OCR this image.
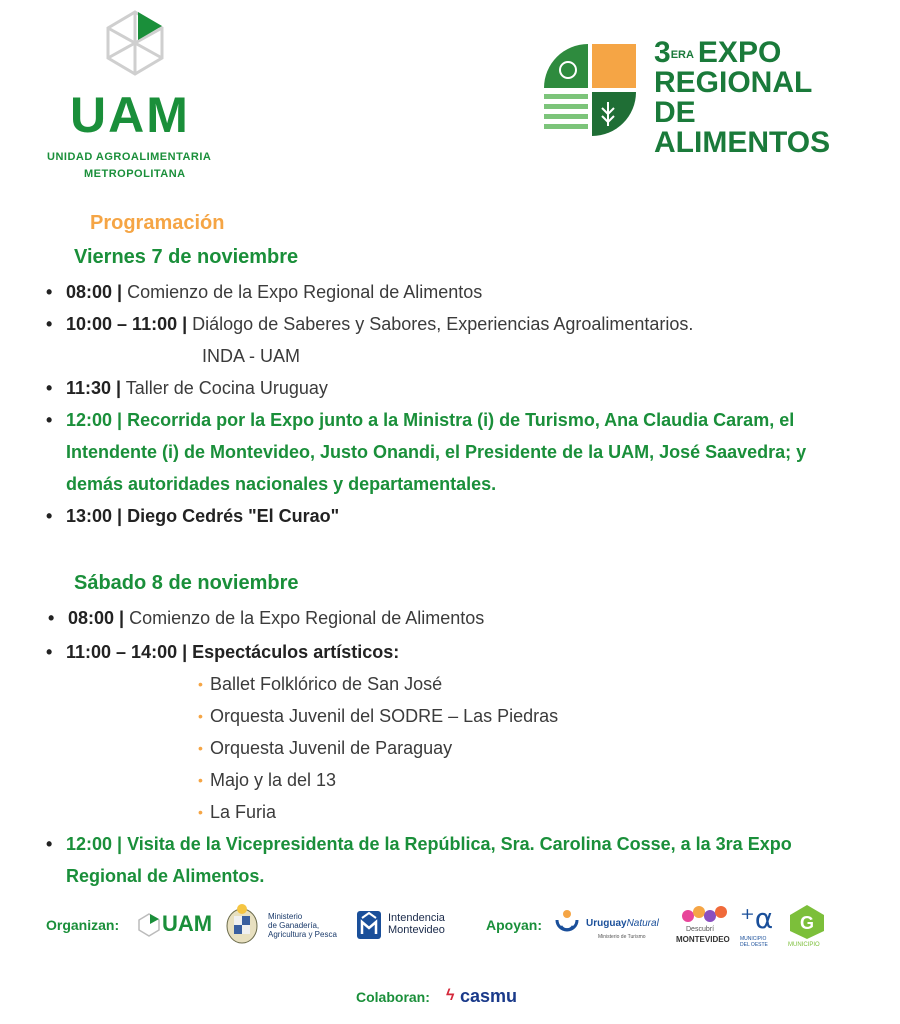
UAM
UNIDAD AGROALIMENTARIA
METROPOLITANA
$3^{ERA}$ EXPO
REGIONAL
DE ALIMENTOS
Programación
Viernes 7 de noviembre
• 08:00 | Comienzo de la Expo Regional de Alimentos
• 10:00 – 11:00 | Diálogo de Saberes y Sabores, Experiencias Agroalimentarios.
INDA - UAM
• 11:30 | Taller de Cocina Uruguay
• 12:00 | Recorrida por la Expo junto a la Ministra (i) de Turismo, Ana Claudia Caram, el Intendente (i) de Montevideo, Justo Onandi, el Presidente de la UAM, José Saavedra; y demás autoridades nacionales y departamentales.
• 13:00 | Diego Cedrés "El Curao"
Sábado 8 de noviembre
• 08:00 | Comienzo de la Expo Regional de Alimentos
• 11:00 – 14:00 | Espectáculos artísticos:
• Ballet Folklórico de San José
• Orquesta Juvenil del SODRE – Las Piedras
• Orquesta Juvenil de Paraguay
• Majo y la del 13
• La Furia
• 12:00 | Visita de la Vicepresidenta de la República, Sra. Carolina Cosse, a la 3ra Expo Regional de Alimentos.
Organizan: UAM	Ministerio
de Ganadería,
Agricultura y Pesca
Intendencia
Montevideo	Apoyan:	UruguayNatural
Ministerio de Turismo
Descubrí
MONTEVIDEO
⁺α
MUNICIPIO
DEL OESTE
G
MUNICIPIO
Colaboran: ϟ casmu
